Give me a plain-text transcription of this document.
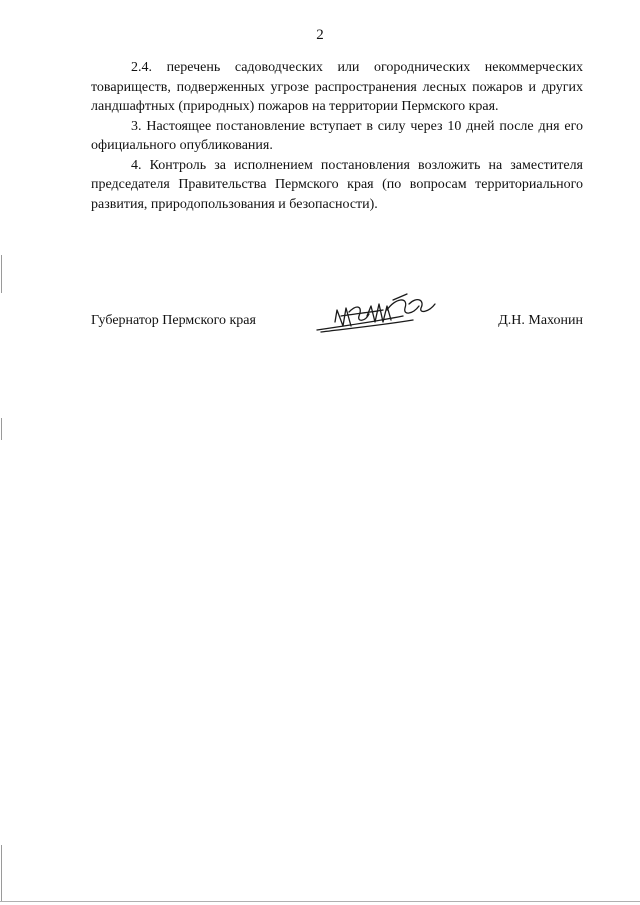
2

2.4. перечень садоводческих или огороднических некоммерческих товариществ, подверженных угрозе распространения лесных пожаров и других ландшафтных (природных) пожаров на территории Пермского края.

3. Настоящее постановление вступает в силу через 10 дней после дня его официального опубликования.

4. Контроль за исполнением постановления возложить на заместителя председателя Правительства Пермского края (по вопросам территориального развития, природопользования и безопасности).

Губернатор Пермского края	Д.Н. Махонин
